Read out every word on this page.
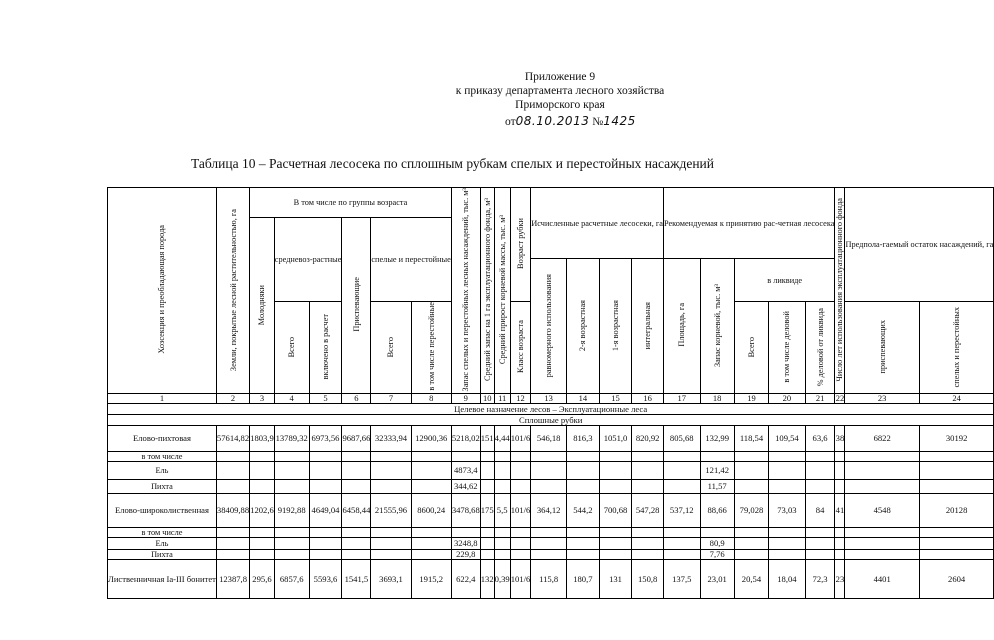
Приложение 9
к приказу департамента лесного хозяйства
Приморского края
от08.10.2013 №1425
Таблица 10 – Расчетная лесосека по сплошным рубкам спелых и перестойных насаждений
Хозсекция и преобладающая порода	Земли, покрытые лесной растительностью, га	В том числе по группы возраста						Запас спелых и перестойных лесных насаждений, тыс. м³	Средний запас на 1 га эксплуатационного фонда, м³	Средний прирост корневой массы, тыс. м³	Возраст рубки	Исчисленные расчетные лесосеки, га				Рекомендуемая к принятию рас-четная лесосека					Число лет использования эксплуатационного фонда	Предпола-гаемый остаток насаждений, га	
		Молодняки	средневоз-растные		Приспевающие	спелые и перестойные																	
												равномерного использования	2-я возрастная	1-я возрастная	интегральная	Площадь, га	Запас корневой, тыс. м³	в ликвиде					
			Всего	включено в расчет		Всего	в том числе перестойные				Класс возраста							Всего	в том числе деловой	% деловой от ликвида		приспевающих	спелых и перестойных
1	2	3	4	5	6	7	8	9	10	11	12	13	14	15	16	17	18	19	20	21	22	23	24
Целевое назначение лесов – Эксплуатационные леса																							
Сплошные рубки																							
Елово-пихтовая	57614,82	1803,9	13789,32	6973,56	9687,66	32333,94	12900,36	5218,02	151	4,44	101/6	546,18	816,3	1051,0	820,92	805,68	132,99	118,54	109,54	63,6	38	6822	30192
в том числе																							
Ель								4873,4									121,42						
Пихта								344,62									11,57						
Елово-широколиственная	38409,88	1202,6	9192,88	4649,04	6458,44	21555,96	8600,24	3478,68	175	5,5	101/6	364,12	544,2	700,68	547,28	537,12	88,66	79,028	73,03	84	41	4548	20128
в том числе																							
Ель								3248,8									80,9						
Пихта								229,8									7,76						
Лиственничная Ia-III бонитет	12387,8	295,6	6857,6	5593,6	1541,5	3693,1	1915,2	622,4	132	0,39	101/6	115,8	180,7	131	150,8	137,5	23,01	20,54	18,04	72,3	23	4401	2604
